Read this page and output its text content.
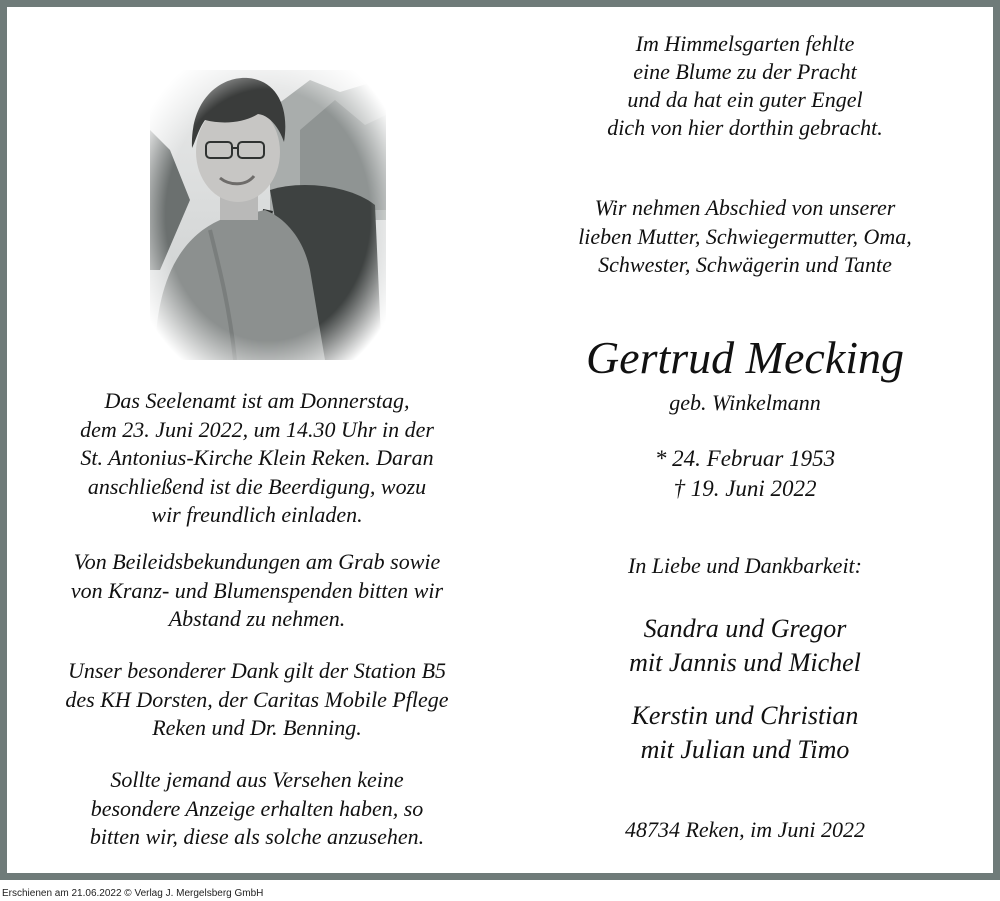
Im Himmelsgarten fehlte
eine Blume zu der Pracht
und da hat ein guter Engel
dich von hier dorthin gebracht.
Wir nehmen Abschied von unserer
lieben Mutter, Schwiegermutter, Oma,
Schwester, Schwägerin und Tante
Gertrud Mecking
geb. Winkelmann
* 24. Februar 1953
† 19. Juni 2022
In Liebe und Dankbarkeit:
Sandra und Gregor
mit Jannis und Michel
Kerstin und Christian
mit Julian und Timo
48734 Reken, im Juni 2022
Das Seelenamt ist am Donnerstag,
dem 23. Juni 2022, um 14.30 Uhr in der
St. Antonius-Kirche Klein Reken. Daran
anschließend ist die Beerdigung, wozu
wir freundlich einladen.
Von Beileidsbekundungen am Grab sowie
von Kranz- und Blumenspenden bitten wir
Abstand zu nehmen.
Unser besonderer Dank gilt der Station B5
des KH Dorsten, der Caritas Mobile Pflege
Reken und Dr. Benning.
Sollte jemand aus Versehen keine
besondere Anzeige erhalten haben, so
bitten wir, diese als solche anzusehen.
Erschienen am 21.06.2022 © Verlag J. Mergelsberg GmbH
